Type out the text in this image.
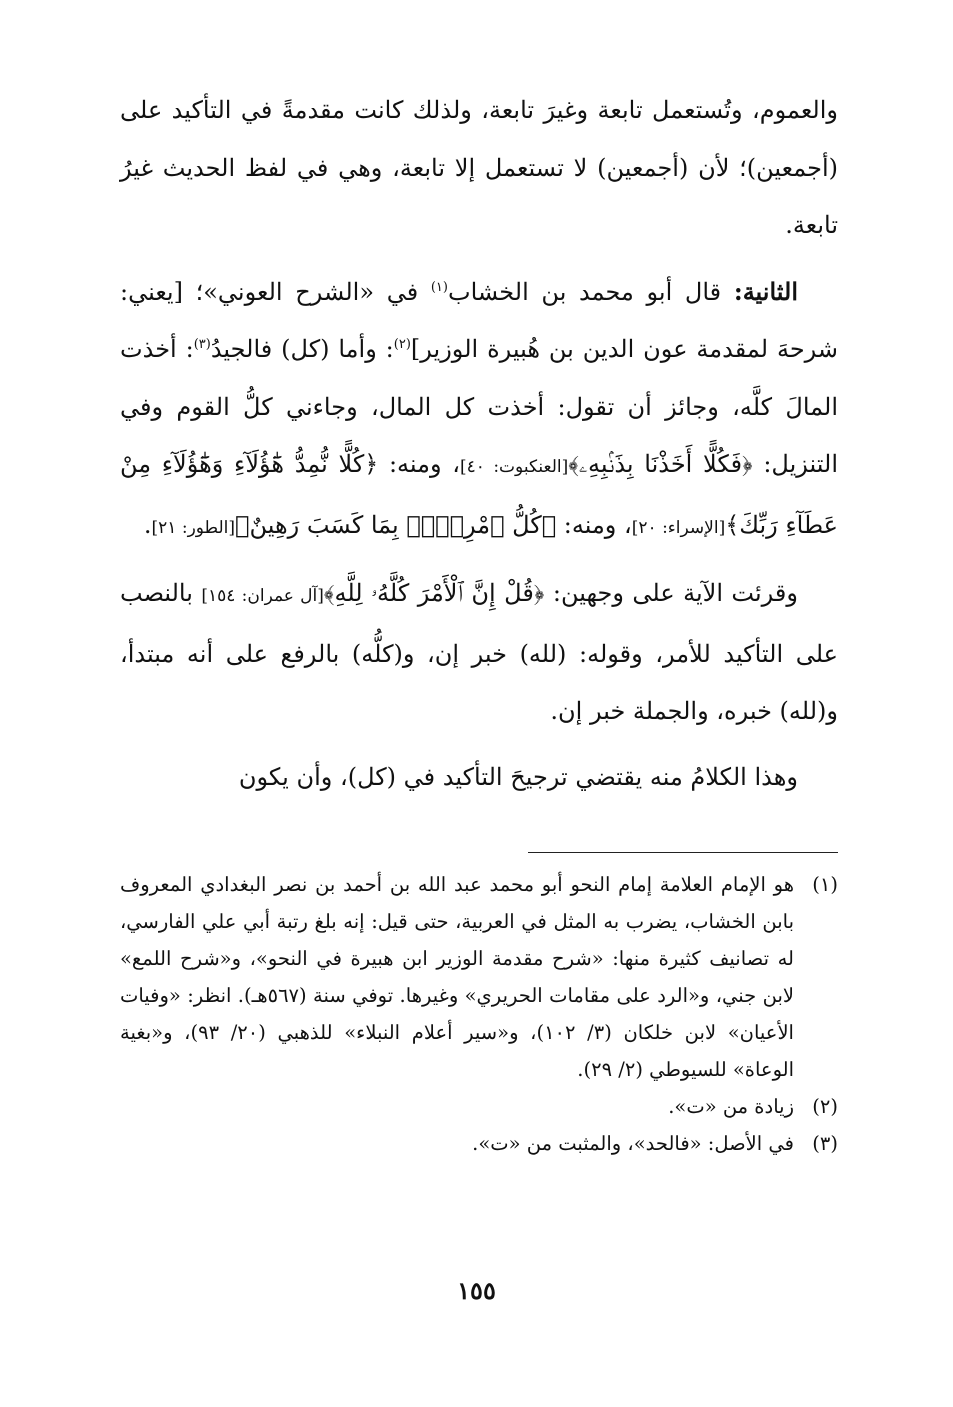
والعموم، وتُستعمل تابعة وغيرَ تابعة، ولذلك كانت مقدمةً في التأكيد على (أجمعين)؛ لأن (أجمعين) لا تستعمل إلا تابعة، وهي في لفظ الحديث غيرُ تابعة.

الثانية: قال أبو محمد بن الخشاب$^{(١)}$ في «الشرح العوني»؛ [يعني: شرحهَ لمقدمة عون الدين بن هُبيرة الوزير]$^{(٢)}$: وأما (كل) فالجيدُ$^{(٣)}$: أخذت المالَ كلَّه، وجائز أن تقول: أخذت كل المال، وجاءني كلُّ القوم وفي التنزيل: ﴿فَكُلًّا أَخَذْنَا بِذَنۢبِهِۦ﴾[العنكبوت: ٤٠]، ومنه: ﴿كُلًّا نُّمِدُّ هَٰٓؤُلَآءِ وَهَٰٓؤُلَآءِ مِنْ عَطَآءِ رَبِّكَ﴾[الإسراء: ٢٠]، ومنه: ﴿كُلُّ ٱمْرِيٍٕۭ بِمَا كَسَبَ رَهِينٌ﴾[الطور: ٢١].

وقرئت الآية على وجهين: ﴿قُلْ إِنَّ ٱلْأَمْرَ كُلَّهُۥ لِلَّهِ﴾[آل عمران: ١٥٤] بالنصب على التأكيد للأمر، وقوله: (لله) خبر إن، و(كلُّه) بالرفع على أنه مبتدأ، و(لله) خبره، والجملة خبر إن.

وهذا الكلامُ منه يقتضي ترجيحَ التأكيد في (كل)، وأن يكون

(١)
هو الإمام العلامة إمام النحو أبو محمد عبد الله بن أحمد بن نصر البغدادي المعروف بابن الخشاب، يضرب به المثل في العربية، حتى قيل: إنه بلغ رتبة أبي علي الفارسي، له تصانيف كثيرة منها: «شرح مقدمة الوزير ابن هبيرة في النحو»، و«شرح اللمع» لابن جني، و«الرد على مقامات الحريري» وغيرها. توفي سنة (٥٦٧هـ). انظر: «وفيات الأعيان» لابن خلكان (٣/ ١٠٢)، و«سير أعلام النبلاء» للذهبي (٢٠/ ٩٣)، و«بغية الوعاة» للسيوطي (٢/ ٢٩).
(٢)
زيادة من «ت».
(٣)
في الأصل: «فالحد»، والمثبت من «ت».
١٥٥
